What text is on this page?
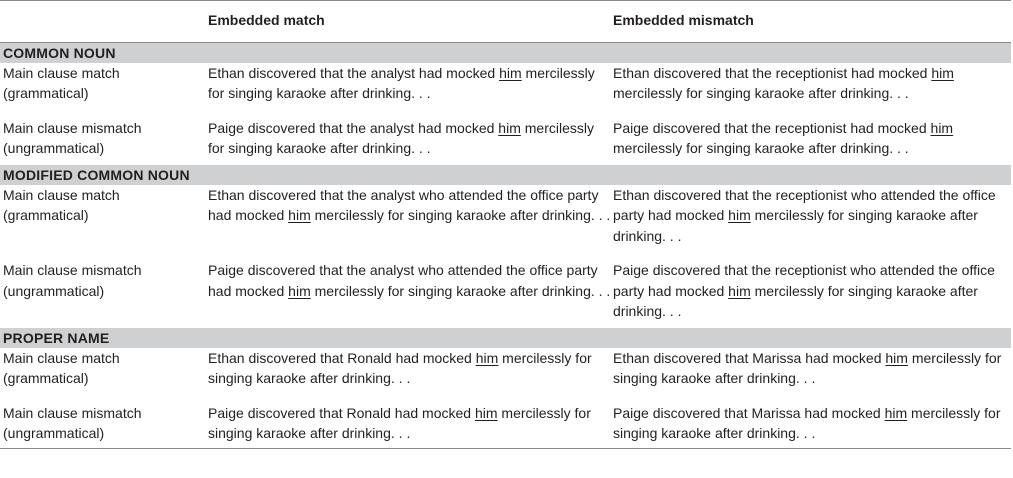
	Embedded match	Embedded mismatch
COMMON NOUN		
Main clause match (grammatical)	Ethan discovered that the analyst had mocked him mercilessly for singing karaoke after drinking. . .	Ethan discovered that the receptionist had mocked him mercilessly for singing karaoke after drinking. . .
Main clause mismatch (ungrammatical)	Paige discovered that the analyst had mocked him mercilessly for singing karaoke after drinking. . .	Paige discovered that the receptionist had mocked him mercilessly for singing karaoke after drinking. . .
MODIFIED COMMON NOUN		
Main clause match (grammatical)	Ethan discovered that the analyst who attended the office party had mocked him mercilessly for singing karaoke after drinking. . .	Ethan discovered that the receptionist who attended the office party had mocked him mercilessly for singing karaoke after drinking. . .
Main clause mismatch (ungrammatical)	Paige discovered that the analyst who attended the office party had mocked him mercilessly for singing karaoke after drinking. . .	Paige discovered that the receptionist who attended the office party had mocked him mercilessly for singing karaoke after drinking. . .
PROPER NAME		
Main clause match (grammatical)	Ethan discovered that Ronald had mocked him mercilessly for singing karaoke after drinking. . .	Ethan discovered that Marissa had mocked him mercilessly for singing karaoke after drinking. . .
Main clause mismatch (ungrammatical)	Paige discovered that Ronald had mocked him mercilessly for singing karaoke after drinking. . .	Paige discovered that Marissa had mocked him mercilessly for singing karaoke after drinking. . .
